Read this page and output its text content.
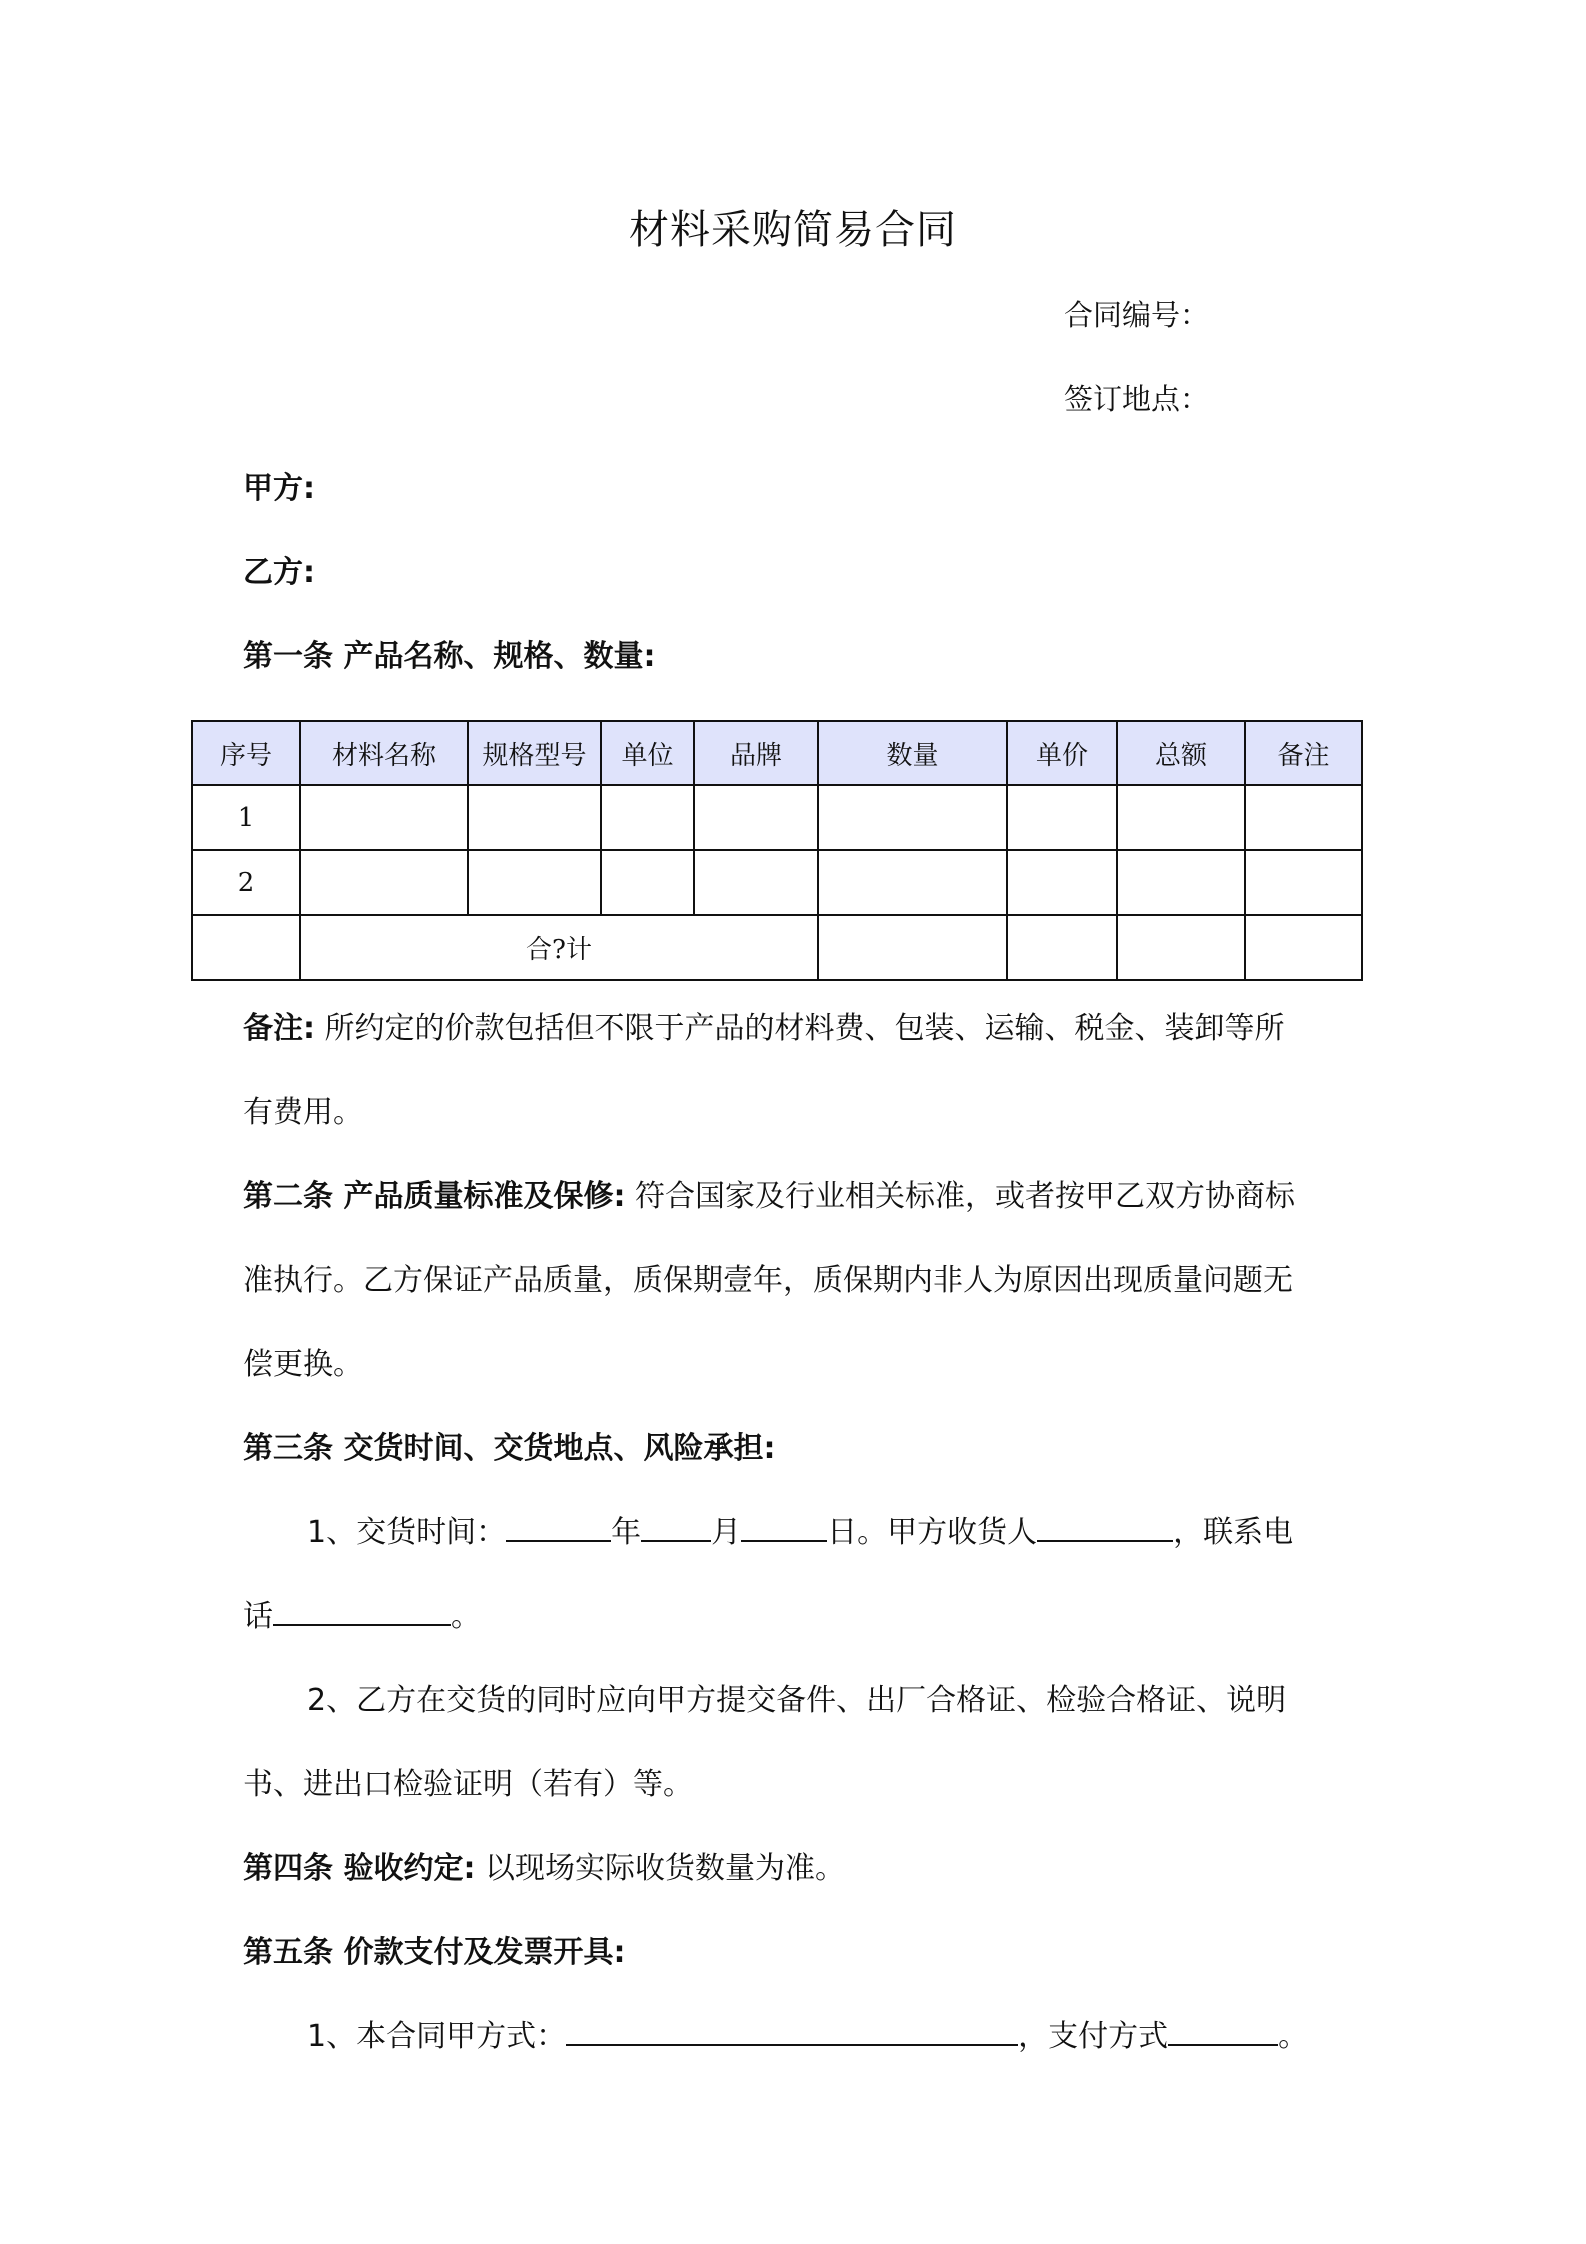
材料采购简易合同
合同编号：
签订地点：
甲方:
乙方:
第一条 产品名称、规格、数量:
序号	材料名称	规格型号	单位	品牌	数量	单价	总额	备注
1								
2								
	合?计							
备注: 所约定的价款包括但不限于产品的材料费、包装、运输、税金、装卸等所
有费用。
第二条 产品质量标准及保修: 符合国家及行业相关标准，或者按甲乙双方协商标
准执行。乙方保证产品质量，质保期壹年，质保期内非人为原因出现质量问题无
偿更换。
第三条 交货时间、交货地点、风险承担:
1、交货时间：	年 月	日。甲方收货人	，联系电
话	。
2、乙方在交货的同时应向甲方提交备件、出厂合格证、检验合格证、说明
书、进出口检验证明（若有）等。
第四条 验收约定: 以现场实际收货数量为准。
第五条 价款支付及发票开具:
1、本合同甲方式：	，支付方式	。
